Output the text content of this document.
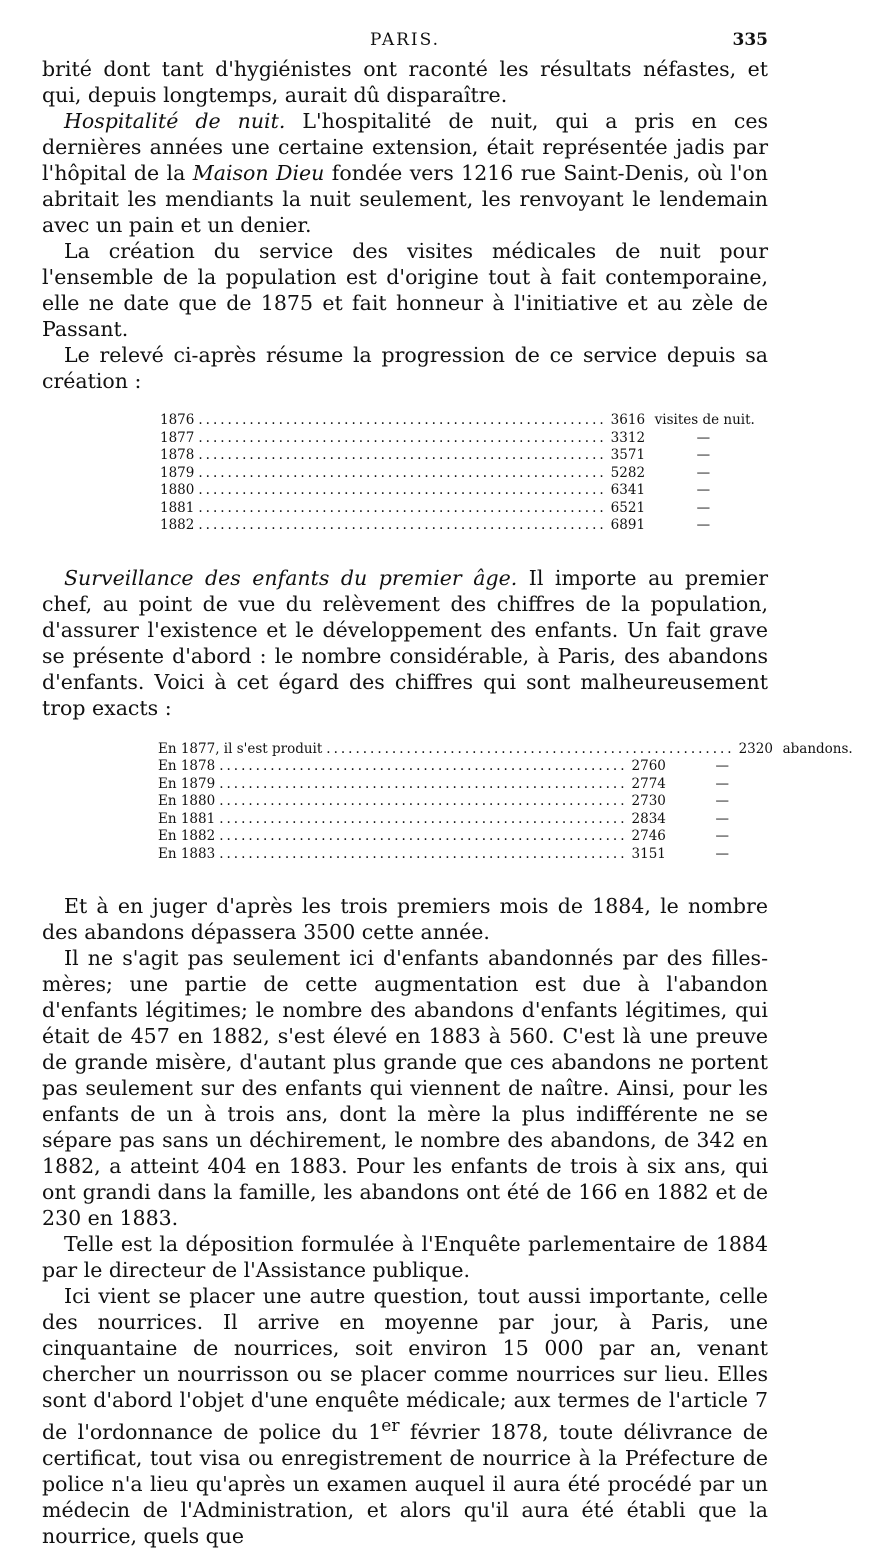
PARIS.	335

brité dont tant d'hygiénistes ont raconté les résultats néfastes, et qui, depuis longtemps, aurait dû disparaître.

Hospitalité de nuit. L'hospitalité de nuit, qui a pris en ces dernières années une certaine extension, était représentée jadis par l'hôpital de la Maison Dieu fondée vers 1216 rue Saint-Denis, où l'on abritait les mendiants la nuit seulement, les renvoyant le lendemain avec un pain et un denier.

La création du service des visites médicales de nuit pour l'ensemble de la population est d'origine tout à fait contemporaine, elle ne date que de 1875 et fait honneur à l'initiative et au zèle de Passant.

Le relevé ci-après résume la progression de ce service depuis sa création :

1876 ........................................................ 3616 visites de nuit.
1877 ........................................................ 3312	—
1878 ........................................................ 3571	—
1879 ........................................................ 5282	—
1880 ........................................................ 6341	—
1881 ........................................................ 6521	—
1882 ........................................................ 6891	—

Surveillance des enfants du premier âge. Il importe au premier chef, au point de vue du relèvement des chiffres de la population, d'assurer l'existence et le développement des enfants. Un fait grave se présente d'abord : le nombre considérable, à Paris, des abandons d'enfants. Voici à cet égard des chiffres qui sont malheureusement trop exacts :

En 1877, il s'est produit ........................................................ 2320 abandons.
En 1878 ........................................................ 2760	—
En 1879 ........................................................ 2774	—
En 1880 ........................................................ 2730	—
En 1881 ........................................................ 2834	—
En 1882 ........................................................ 2746	—
En 1883 ........................................................ 3151	—

Et à en juger d'après les trois premiers mois de 1884, le nombre des abandons dépassera 3500 cette année.

Il ne s'agit pas seulement ici d'enfants abandonnés par des filles-mères; une partie de cette augmentation est due à l'abandon d'enfants légitimes; le nombre des abandons d'enfants légitimes, qui était de 457 en 1882, s'est élevé en 1883 à 560. C'est là une preuve de grande misère, d'autant plus grande que ces abandons ne portent pas seulement sur des enfants qui viennent de naître. Ainsi, pour les enfants de un à trois ans, dont la mère la plus indifférente ne se sépare pas sans un déchirement, le nombre des abandons, de 342 en 1882, a atteint 404 en 1883. Pour les enfants de trois à six ans, qui ont grandi dans la famille, les abandons ont été de 166 en 1882 et de 230 en 1883.

Telle est la déposition formulée à l'Enquête parlementaire de 1884 par le directeur de l'Assistance publique.

Ici vient se placer une autre question, tout aussi importante, celle des nourrices. Il arrive en moyenne par jour, à Paris, une cinquantaine de nourrices, soit environ 15 000 par an, venant chercher un nourrisson ou se placer comme nourrices sur lieu. Elles sont d'abord l'objet d'une enquête médicale; aux termes de l'article 7 de l'ordonnance de police du 1er février 1878, toute délivrance de certificat, tout visa ou enregistrement de nourrice à la Préfecture de police n'a lieu qu'après un examen auquel il aura été procédé par un médecin de l'Administration, et alors qu'il aura été établi que la nourrice, quels que
